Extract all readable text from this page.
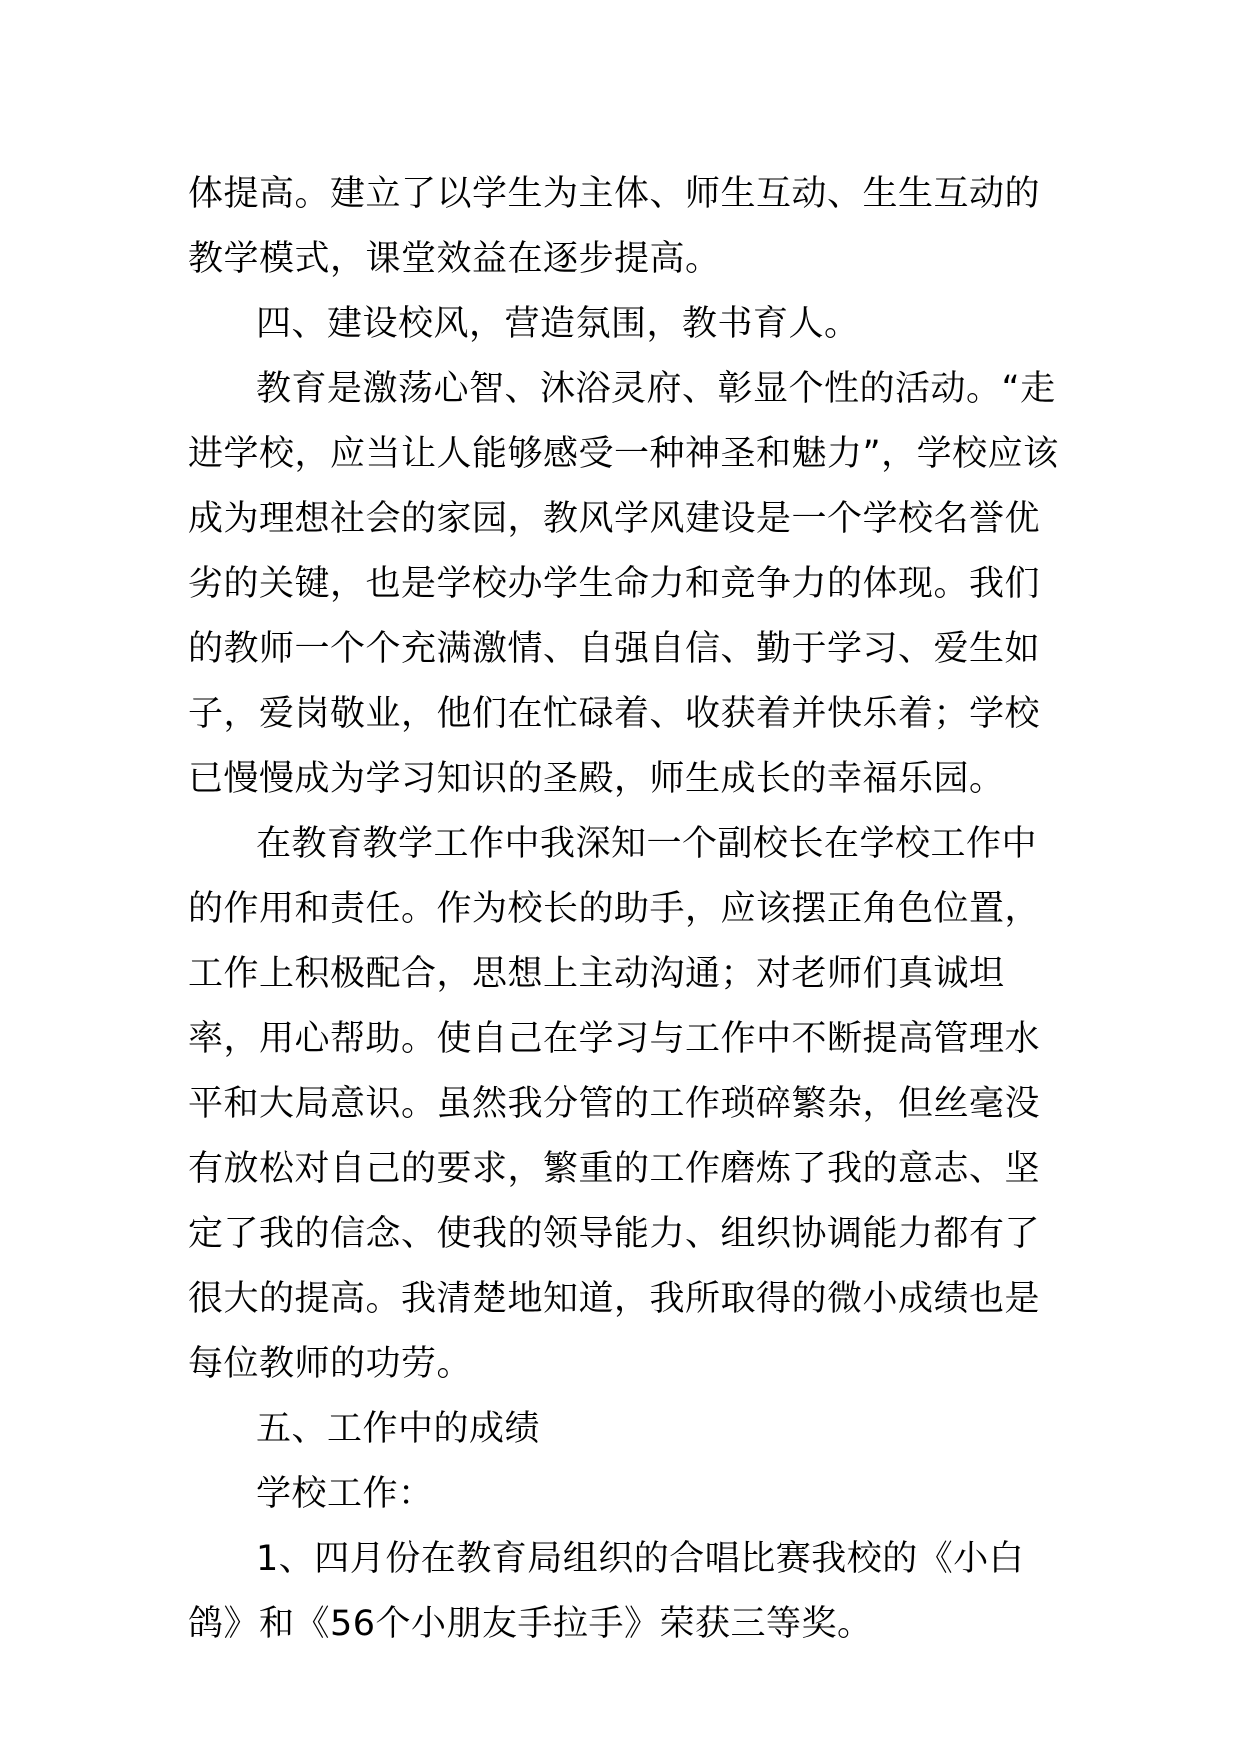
体提高。建立了以学生为主体、师生互动、生生互动的教学模式，课堂效益在逐步提高。

四、建设校风，营造氛围，教书育人。

教育是激荡心智、沐浴灵府、彰显个性的活动。“走进学校，应当让人能够感受一种神圣和魅力”，学校应该成为理想社会的家园，教风学风建设是一个学校名誉优劣的关键，也是学校办学生命力和竞争力的体现。我们的教师一个个充满激情、自强自信、勤于学习、爱生如子，爱岗敬业，他们在忙碌着、收获着并快乐着；学校已慢慢成为学习知识的圣殿，师生成长的幸福乐园。

在教育教学工作中我深知一个副校长在学校工作中的作用和责任。作为校长的助手，应该摆正角色位置，工作上积极配合，思想上主动沟通；对老师们真诚坦率，用心帮助。使自己在学习与工作中不断提高管理水平和大局意识。虽然我分管的工作琐碎繁杂，但丝毫没有放松对自己的要求，繁重的工作磨炼了我的意志、坚定了我的信念、使我的领导能力、组织协调能力都有了很大的提高。我清楚地知道，我所取得的微小成绩也是每位教师的功劳。

五、工作中的成绩

学校工作：

1、四月份在教育局组织的合唱比赛我校的《小白鸽》和《56个小朋友手拉手》荣获三等奖。
